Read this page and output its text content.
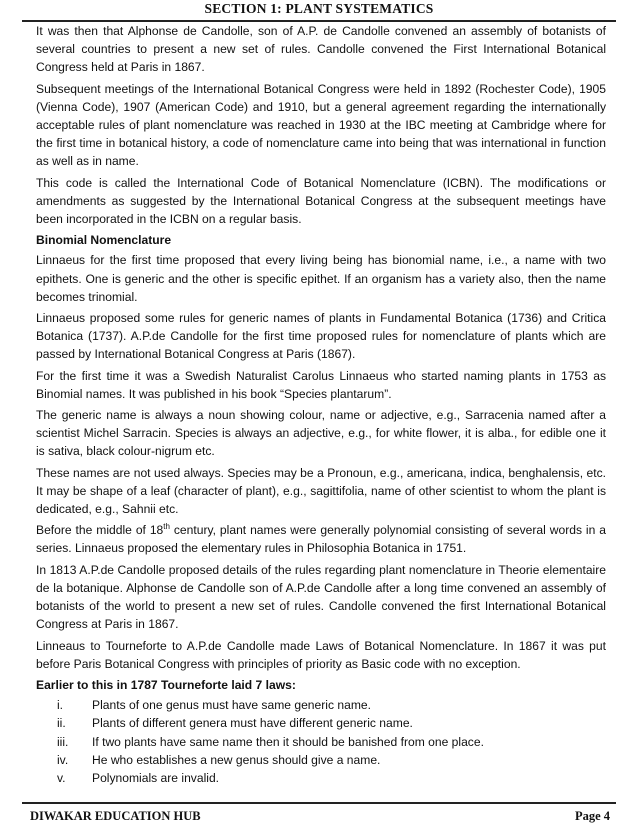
SECTION 1: PLANT SYSTEMATICS

It was then that Alphonse de Candolle, son of A.P. de Candolle convened an assembly of botanists of several countries to present a new set of rules. Candolle convened the First International Botanical Congress held at Paris in 1867.

Subsequent meetings of the International Botanical Congress were held in 1892 (Rochester Code), 1905 (Vienna Code), 1907 (American Code) and 1910, but a general agreement regarding the internationally acceptable rules of plant nomenclature was reached in 1930 at the IBC meeting at Cambridge where for the first time in botanical history, a code of nomenclature came into being that was international in function as well as in name.

This code is called the International Code of Botanical Nomenclature (ICBN). The modifications or amendments as suggested by the International Botanical Congress at the subsequent meetings have been incorporated in the ICBN on a regular basis.

Binomial Nomenclature

Linnaeus for the first time proposed that every living being has bionomial name, i.e., a name with two epithets. One is generic and the other is specific epithet. If an organism has a variety also, then the name becomes trinomial.

Linnaeus proposed some rules for generic names of plants in Fundamental Botanica (1736) and Critica Botanica (1737). A.P.de Candolle for the first time proposed rules for nomenclature of plants which are passed by International Botanical Congress at Paris (1867).

For the first time it was a Swedish Naturalist Carolus Linnaeus who started naming plants in 1753 as Binomial names. It was published in his book “Species plantarum”.

The generic name is always a noun showing colour, name or adjective, e.g., Sarracenia named after a scientist Michel Sarracin. Species is always an adjective, e.g., for white flower, it is alba., for edible one it is sativa, black colour-nigrum etc.

These names are not used always. Species may be a Pronoun, e.g., americana, indica, benghalensis, etc. It may be shape of a leaf (character of plant), e.g., sagittifolia, name of other scientist to whom the plant is dedicated, e.g., Sahnii etc.

Before the middle of 18th century, plant names were generally polynomial consisting of several words in a series. Linnaeus proposed the elementary rules in Philosophia Botanica in 1751.

In 1813 A.P.de Candolle proposed details of the rules regarding plant nomenclature in Theorie elementaire de la botanique. Alphonse de Candolle son of A.P.de Candolle after a long time convened an assembly of botanists of the world to present a new set of rules. Candolle convened the first International Botanical Congress at Paris in 1867.

Linneaus to Tourneforte to A.P.de Candolle made Laws of Botanical Nomenclature. In 1867 it was put before Paris Botanical Congress with principles of priority as Basic code with no exception.

Earlier to this in 1787 Tourneforte laid 7 laws:

i.	Plants of one genus must have same generic name.
ii.	Plants of different genera must have different generic name.
iii.	If two plants have same name then it should be banished from one place.
iv.	He who establishes a new genus should give a name.
v.	Polynomials are invalid.
DIWAKAR EDUCATION HUB	Page 4
